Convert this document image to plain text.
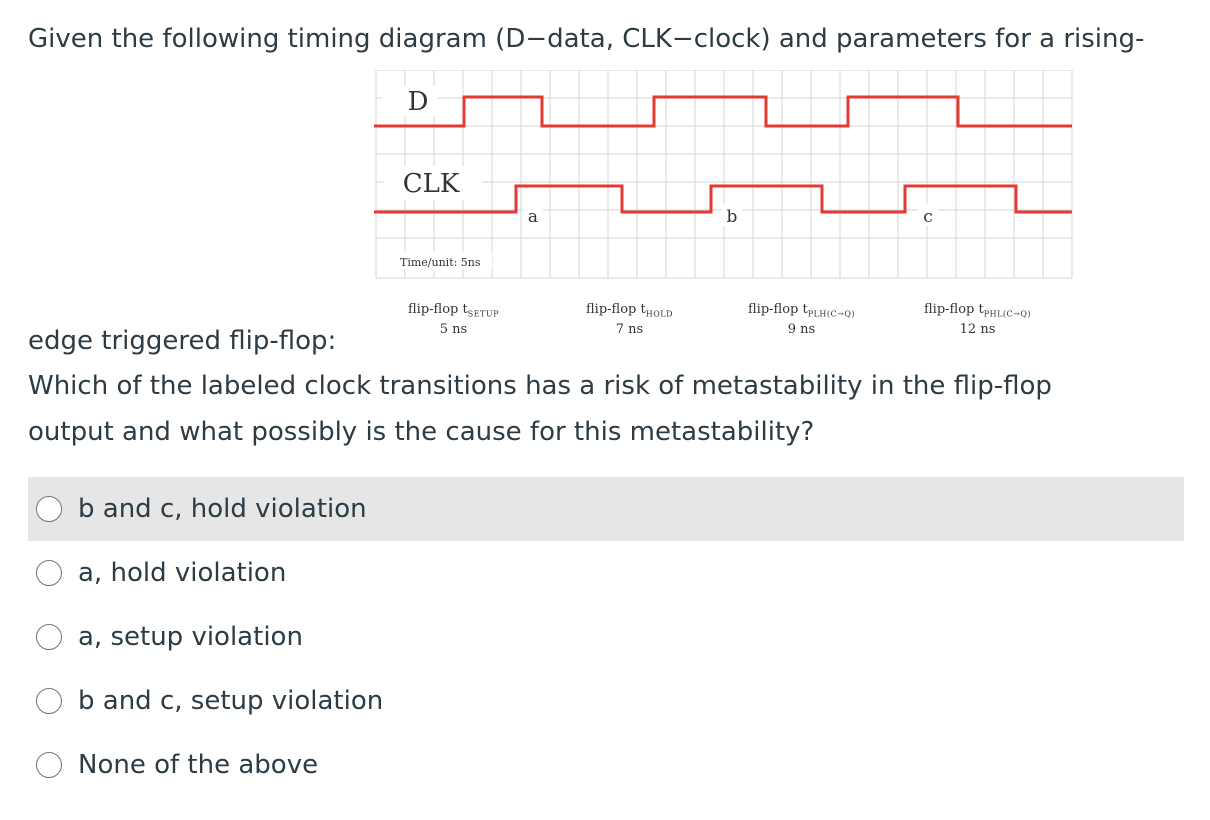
Given the following timing diagram (D−data, CLK−clock) and parameters for a rising-
D
CLK
a	b	c
Time/unit: 5ns
flip-flop $t_{SETUP}$
5 ns
flip-flop $t_{HOLD}$
7 ns
flip-flop $t_{PLH(C\to Q)}$
9 ns
flip-flop $t_{PHL(C\to Q)}$
12 ns
edge triggered flip-flop:
Which of the labeled clock transitions has a risk of metastability in the flip-flop
output and what possibly is the cause for this metastability?
b and c, hold violation
a, hold violation
a, setup violation
b and c, setup violation
None of the above
